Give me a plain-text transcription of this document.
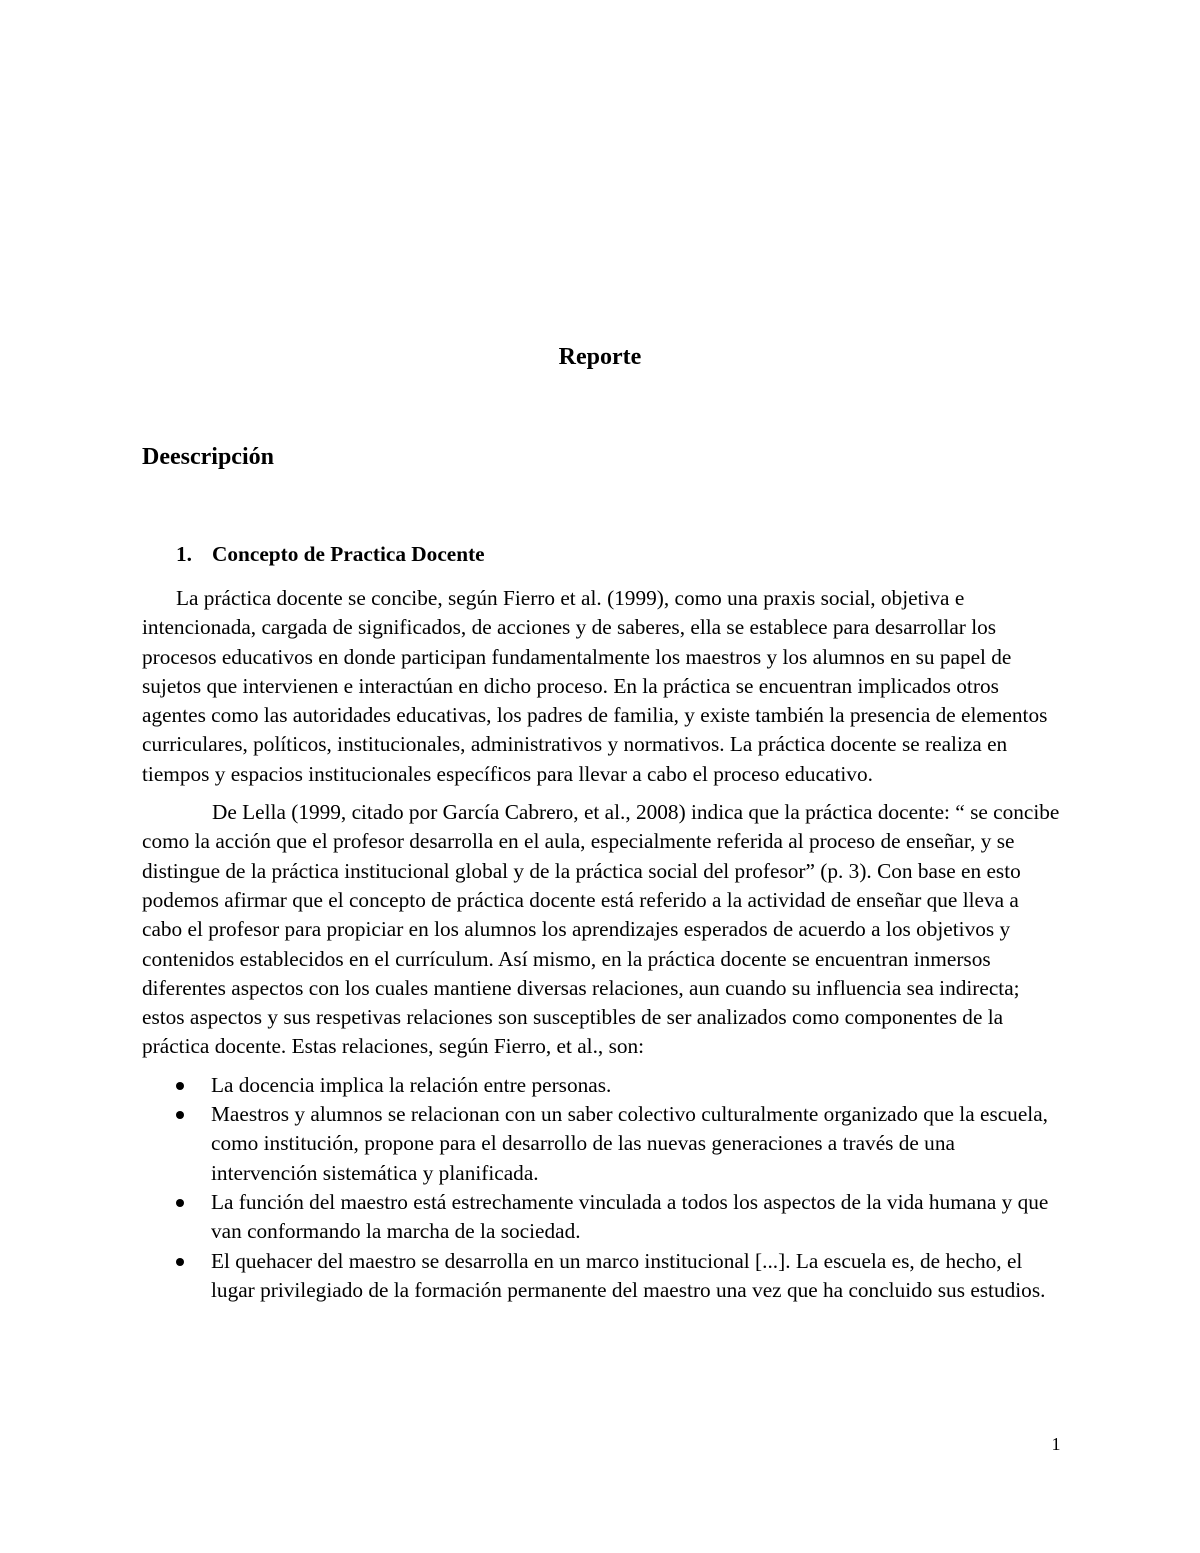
Reporte
Deescripción
1. Concepto de Practica Docente

La práctica docente se concibe, según Fierro et al. (1999), como una praxis social, objetiva e intencionada, cargada de significados, de acciones y de saberes, ella se establece para desarrollar los procesos educativos en donde participan fundamentalmente los maestros y los alumnos en su papel de sujetos que intervienen e interactúan en dicho proceso. En la práctica se encuentran implicados otros agentes como las autoridades educativas, los padres de familia, y existe también la presencia de elementos curriculares, políticos, institucionales, administrativos y normativos. La práctica docente se realiza en tiempos y espacios institucionales específicos para llevar a cabo el proceso educativo.

De Lella (1999, citado por García Cabrero, et al., 2008) indica que la práctica docente: “ se concibe como la acción que el profesor desarrolla en el aula, especialmente referida al proceso de enseñar, y se distingue de la práctica institucional global y de la práctica social del profesor” (p. 3). Con base en esto podemos afirmar que el concepto de práctica docente está referido a la actividad de enseñar que lleva a cabo el profesor para propiciar en los alumnos los aprendizajes esperados de acuerdo a los objetivos y contenidos establecidos en el currículum. Así mismo, en la práctica docente se encuentran inmersos diferentes aspectos con los cuales mantiene diversas relaciones, aun cuando su influencia sea indirecta; estos aspectos y sus respetivas relaciones son susceptibles de ser analizados como componentes de la práctica docente. Estas relaciones, según Fierro, et al., son:

La docencia implica la relación entre personas.
Maestros y alumnos se relacionan con un saber colectivo culturalmente organizado que la escuela, como institución, propone para el desarrollo de las nuevas generaciones a través de una intervención sistemática y planificada.
La función del maestro está estrechamente vinculada a todos los aspectos de la vida humana y que van conformando la marcha de la sociedad.
El quehacer del maestro se desarrolla en un marco institucional [...]. La escuela es, de hecho, el lugar privilegiado de la formación permanente del maestro una vez que ha concluido sus estudios.
1
